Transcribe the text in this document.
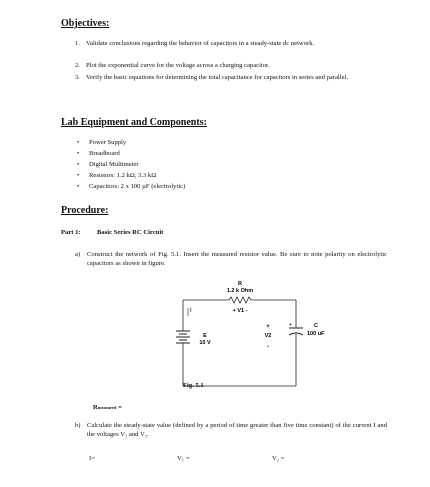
Objectives:
1. Validate conclusions regarding the behavior of capacitors in a steady-state dc network.
2. Plot the exponential curve for the voltage across a charging capacitor.
3. Verify the basic equations for determining the total capacitance for capacitors in series and parallel.
Lab Equipment and Components:
• Power Supply
• Breadboard
• Digital Multimeter
• Resistors: 1.2 kΩ, 3.3 kΩ
• Capacitors: 2 x 100 µF (electrolytic)
Procedure:
Part 1: Basic Series RC Circuit
a) Construct the network of Fig. 5.1. Insert the measured resistor value. Be sure to note polarity on electrolytic capacitors as shown in figure.
R
1.2 k Ohm
+ V1 -
I
E
10 V
+
V2
-
+	C
100 uF
Fig. 5.1
Rmeasured =
b) Calculate the steady-state value (defined by a period of time greater than five time constant) of the current I and the voltages V₁ and V₂.
I=	V₁ =	V₂ =
